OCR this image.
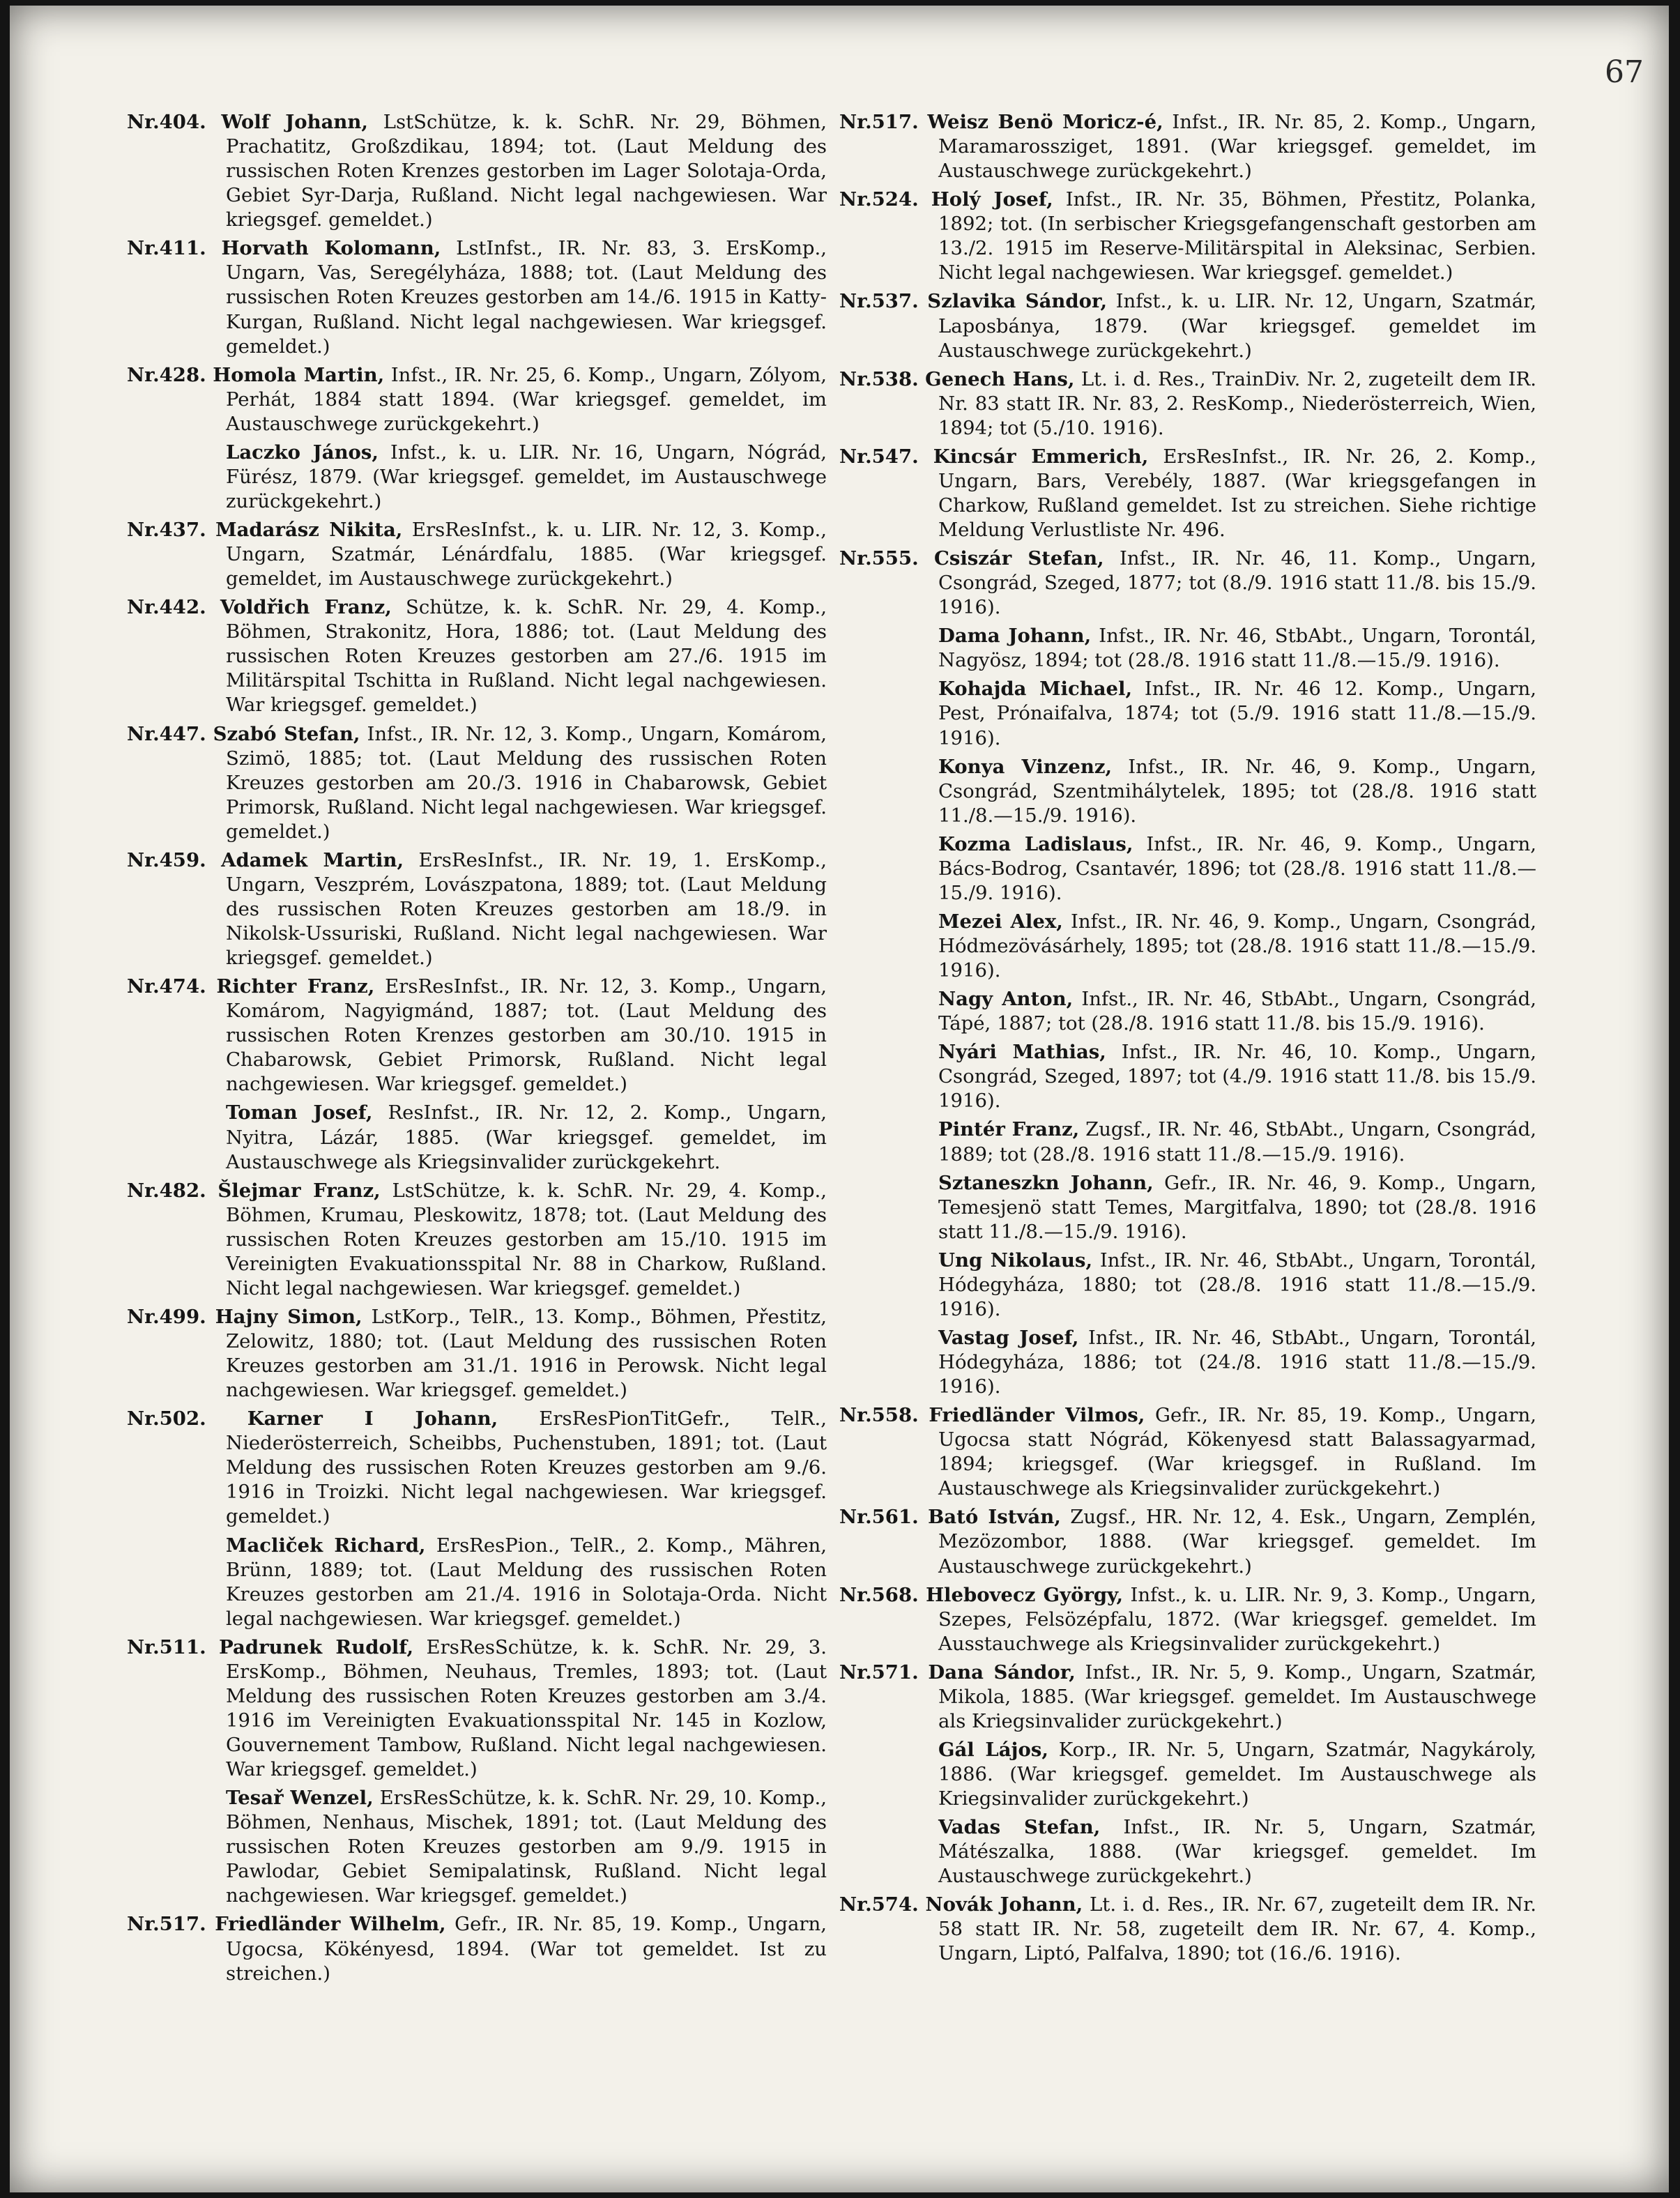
67

Nr.404. Wolf Johann, LstSchütze, k. k. SchR. Nr. 29, Böhmen, Prachatitz, Großzdikau, 1894; tot. (Laut Meldung des russischen Roten Krenzes gestorben im Lager Solotaja-Orda, Gebiet Syr-Darja, Rußland. Nicht legal nachgewiesen. War kriegsgef. gemeldet.)

Nr.411. Horvath Kolomann, LstInfst., IR. Nr. 83, 3. ErsKomp., Ungarn, Vas, Seregélyháza, 1888; tot. (Laut Meldung des russischen Roten Kreuzes gestorben am 14./6. 1915 in Katty-Kurgan, Rußland. Nicht legal nachgewiesen. War kriegsgef. gemeldet.)

Nr.428. Homola Martin, Infst., IR. Nr. 25, 6. Komp., Ungarn, Zólyom, Perhát, 1884 statt 1894. (War kriegsgef. gemeldet, im Austauschwege zurückgekehrt.)

Laczko János, Infst., k. u. LIR. Nr. 16, Ungarn, Nógrád, Fürész, 1879. (War kriegsgef. gemeldet, im Austauschwege zurückgekehrt.)

Nr.437. Madarász Nikita, ErsResInfst., k. u. LIR. Nr. 12, 3. Komp., Ungarn, Szatmár, Lénárdfalu, 1885. (War kriegsgef. gemeldet, im Austauschwege zurückgekehrt.)

Nr.442. Voldřich Franz, Schütze, k. k. SchR. Nr. 29, 4. Komp., Böhmen, Strakonitz, Hora, 1886; tot. (Laut Meldung des russischen Roten Kreuzes gestorben am 27./6. 1915 im Militärspital Tschitta in Rußland. Nicht legal nachgewiesen. War kriegsgef. gemeldet.)

Nr.447. Szabó Stefan, Infst., IR. Nr. 12, 3. Komp., Ungarn, Komárom, Szimö, 1885; tot. (Laut Meldung des russischen Roten Kreuzes gestorben am 20./3. 1916 in Chabarowsk, Gebiet Primorsk, Rußland. Nicht legal nachgewiesen. War kriegsgef. gemeldet.)

Nr.459. Adamek Martin, ErsResInfst., IR. Nr. 19, 1. ErsKomp., Ungarn, Veszprém, Lovászpatona, 1889; tot. (Laut Meldung des russischen Roten Kreuzes gestorben am 18./9. in Nikolsk-Ussuriski, Rußland. Nicht legal nachgewiesen. War kriegsgef. gemeldet.)

Nr.474. Richter Franz, ErsResInfst., IR. Nr. 12, 3. Komp., Ungarn, Komárom, Nagyigmánd, 1887; tot. (Laut Meldung des russischen Roten Krenzes gestorben am 30./10. 1915 in Chabarowsk, Gebiet Primorsk, Rußland. Nicht legal nachgewiesen. War kriegsgef. gemeldet.)

Toman Josef, ResInfst., IR. Nr. 12, 2. Komp., Ungarn, Nyitra, Lázár, 1885. (War kriegsgef. gemeldet, im Austauschwege als Kriegsinvalider zurückgekehrt.

Nr.482. Šlejmar Franz, LstSchütze, k. k. SchR. Nr. 29, 4. Komp., Böhmen, Krumau, Pleskowitz, 1878; tot. (Laut Meldung des russischen Roten Kreuzes gestorben am 15./10. 1915 im Vereinigten Evakuationsspital Nr. 88 in Charkow, Rußland. Nicht legal nachgewiesen. War kriegsgef. gemeldet.)

Nr.499. Hajny Simon, LstKorp., TelR., 13. Komp., Böhmen, Přestitz, Zelowitz, 1880; tot. (Laut Meldung des russischen Roten Kreuzes gestorben am 31./1. 1916 in Perowsk. Nicht legal nachgewiesen. War kriegsgef. gemeldet.)

Nr.502. Karner I Johann, ErsResPionTitGefr., TelR., Niederösterreich, Scheibbs, Puchenstuben, 1891; tot. (Laut Meldung des russischen Roten Kreuzes gestorben am 9./6. 1916 in Troizki. Nicht legal nachgewiesen. War kriegsgef. gemeldet.)

Macliček Richard, ErsResPion., TelR., 2. Komp., Mähren, Brünn, 1889; tot. (Laut Meldung des russischen Roten Kreuzes gestorben am 21./4. 1916 in Solotaja-Orda. Nicht legal nachgewiesen. War kriegsgef. gemeldet.)

Nr.511. Padrunek Rudolf, ErsResSchütze, k. k. SchR. Nr. 29, 3. ErsKomp., Böhmen, Neuhaus, Tremles, 1893; tot. (Laut Meldung des russischen Roten Kreuzes gestorben am 3./4. 1916 im Vereinigten Evakuationsspital Nr. 145 in Kozlow, Gouvernement Tambow, Rußland. Nicht legal nachgewiesen. War kriegsgef. gemeldet.)

Tesař Wenzel, ErsResSchütze, k. k. SchR. Nr. 29, 10. Komp., Böhmen, Nenhaus, Mischek, 1891; tot. (Laut Meldung des russischen Roten Kreuzes gestorben am 9./9. 1915 in Pawlodar, Gebiet Semipalatinsk, Rußland. Nicht legal nachgewiesen. War kriegsgef. gemeldet.)

Nr.517. Friedländer Wilhelm, Gefr., IR. Nr. 85, 19. Komp., Ungarn, Ugocsa, Kökényesd, 1894. (War tot gemeldet. Ist zu streichen.)

Nr.517. Weisz Benö Moricz-é, Infst., IR. Nr. 85, 2. Komp., Ungarn, Maramarossziget, 1891. (War kriegsgef. gemeldet, im Austauschwege zurückgekehrt.)

Nr.524. Holý Josef, Infst., IR. Nr. 35, Böhmen, Přestitz, Polanka, 1892; tot. (In serbischer Kriegsgefangenschaft gestorben am 13./2. 1915 im Reserve-Militärspital in Aleksinac, Serbien. Nicht legal nachgewiesen. War kriegsgef. gemeldet.)

Nr.537. Szlavika Sándor, Infst., k. u. LIR. Nr. 12, Ungarn, Szatmár, Laposbánya, 1879. (War kriegsgef. gemeldet im Austauschwege zurückgekehrt.)

Nr.538. Genech Hans, Lt. i. d. Res., TrainDiv. Nr. 2, zugeteilt dem IR. Nr. 83 statt IR. Nr. 83, 2. ResKomp., Niederösterreich, Wien, 1894; tot (5./10. 1916).

Nr.547. Kincsár Emmerich, ErsResInfst., IR. Nr. 26, 2. Komp., Ungarn, Bars, Verebély, 1887. (War kriegsgefangen in Charkow, Rußland gemeldet. Ist zu streichen. Siehe richtige Meldung Verlustliste Nr. 496.

Nr.555. Csiszár Stefan, Infst., IR. Nr. 46, 11. Komp., Ungarn, Csongrád, Szeged, 1877; tot (8./9. 1916 statt 11./8. bis 15./9. 1916).

Dama Johann, Infst., IR. Nr. 46, StbAbt., Ungarn, Torontál, Nagyösz, 1894; tot (28./8. 1916 statt 11./8.—15./9. 1916).

Kohajda Michael, Infst., IR. Nr. 46 12. Komp., Ungarn, Pest, Prónaifalva, 1874; tot (5./9. 1916 statt 11./8.—15./9. 1916).

Konya Vinzenz, Infst., IR. Nr. 46, 9. Komp., Ungarn, Csongrád, Szentmihálytelek, 1895; tot (28./8. 1916 statt 11./8.—15./9. 1916).

Kozma Ladislaus, Infst., IR. Nr. 46, 9. Komp., Ungarn, Bács-Bodrog, Csantavér, 1896; tot (28./8. 1916 statt 11./8.—15./9. 1916).

Mezei Alex, Infst., IR. Nr. 46, 9. Komp., Ungarn, Csongrád, Hódmezövásárhely, 1895; tot (28./8. 1916 statt 11./8.—15./9. 1916).

Nagy Anton, Infst., IR. Nr. 46, StbAbt., Ungarn, Csongrád, Tápé, 1887; tot (28./8. 1916 statt 11./8. bis 15./9. 1916).

Nyári Mathias, Infst., IR. Nr. 46, 10. Komp., Ungarn, Csongrád, Szeged, 1897; tot (4./9. 1916 statt 11./8. bis 15./9. 1916).

Pintér Franz, Zugsf., IR. Nr. 46, StbAbt., Ungarn, Csongrád, 1889; tot (28./8. 1916 statt 11./8.—15./9. 1916).

Sztaneszkn Johann, Gefr., IR. Nr. 46, 9. Komp., Ungarn, Temesjenö statt Temes, Margitfalva, 1890; tot (28./8. 1916 statt 11./8.—15./9. 1916).

Ung Nikolaus, Infst., IR. Nr. 46, StbAbt., Ungarn, Torontál, Hódegyháza, 1880; tot (28./8. 1916 statt 11./8.—15./9. 1916).

Vastag Josef, Infst., IR. Nr. 46, StbAbt., Ungarn, Torontál, Hódegyháza, 1886; tot (24./8. 1916 statt 11./8.—15./9. 1916).

Nr.558. Friedländer Vilmos, Gefr., IR. Nr. 85, 19. Komp., Ungarn, Ugocsa statt Nógrád, Kökenyesd statt Balassagyarmad, 1894; kriegsgef. (War kriegsgef. in Rußland. Im Austauschwege als Kriegsinvalider zurückgekehrt.)

Nr.561. Bató István, Zugsf., HR. Nr. 12, 4. Esk., Ungarn, Zemplén, Mezözombor, 1888. (War kriegsgef. gemeldet. Im Austauschwege zurückgekehrt.)

Nr.568. Hlebovecz György, Infst., k. u. LIR. Nr. 9, 3. Komp., Ungarn, Szepes, Felsözépfalu, 1872. (War kriegsgef. gemeldet. Im Ausstauchwege als Kriegsinvalider zurückgekehrt.)

Nr.571. Dana Sándor, Infst., IR. Nr. 5, 9. Komp., Ungarn, Szatmár, Mikola, 1885. (War kriegsgef. gemeldet. Im Austauschwege als Kriegsinvalider zurückgekehrt.)

Gál Lájos, Korp., IR. Nr. 5, Ungarn, Szatmár, Nagykároly, 1886. (War kriegsgef. gemeldet. Im Austauschwege als Kriegsinvalider zurückgekehrt.)

Vadas Stefan, Infst., IR. Nr. 5, Ungarn, Szatmár, Mátészalka, 1888. (War kriegsgef. gemeldet. Im Austauschwege zurückgekehrt.)

Nr.574. Novák Johann, Lt. i. d. Res., IR. Nr. 67, zugeteilt dem IR. Nr. 58 statt IR. Nr. 58, zugeteilt dem IR. Nr. 67, 4. Komp., Ungarn, Liptó, Palfalva, 1890; tot (16./6. 1916).
